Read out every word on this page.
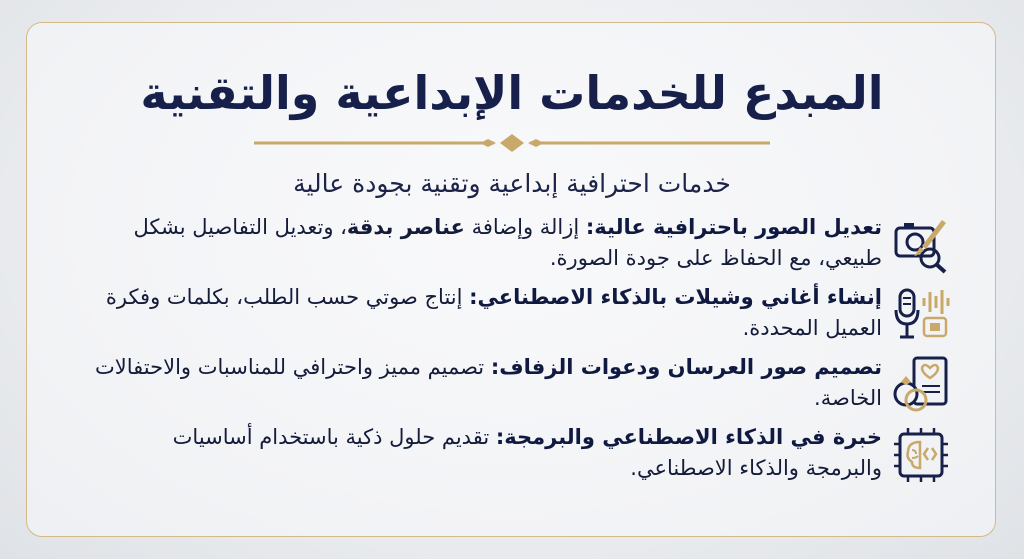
المبدع للخدمات الإبداعية والتقنية
خدمات احترافية إبداعية وتقنية بجودة عالية
تعديل الصور باحترافية عالية: إزالة وإضافة عناصر بدقة، وتعديل التفاصيل بشكل طبيعي، مع الحفاظ على جودة الصورة.
إنشاء أغاني وشيلات بالذكاء الاصطناعي: إنتاج صوتي حسب الطلب، بكلمات وفكرة العميل المحددة.
تصميم صور العرسان ودعوات الزفاف: تصميم مميز واحترافي للمناسبات والاحتفالات الخاصة.
خبرة في الذكاء الاصطناعي والبرمجة: تقديم حلول ذكية باستخدام أساسيات والبرمجة والذكاء الاصطناعي.
